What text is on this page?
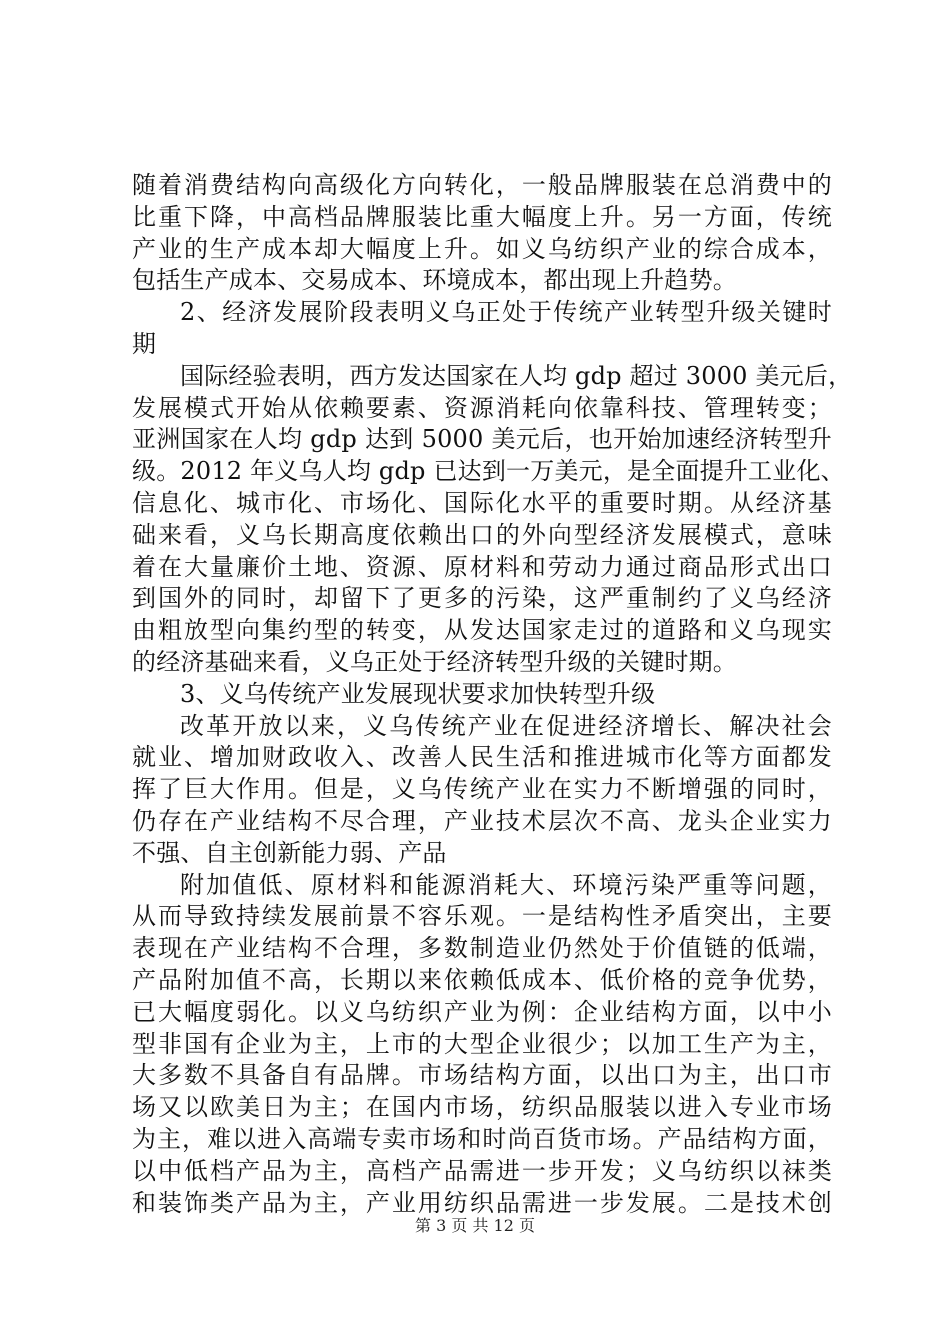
随着消费结构向高级化方向转化，一般品牌服装在总消费中的
比重下降，中高档品牌服装比重大幅度上升。另一方面，传统
产业的生产成本却大幅度上升。如义乌纺织产业的综合成本，
包括生产成本、交易成本、环境成本，都出现上升趋势。
2、经济发展阶段表明义乌正处于传统产业转型升级关键时
期
国际经验表明，西方发达国家在人均 gdp 超过 3000 美元后，
发展模式开始从依赖要素、资源消耗向依靠科技、管理转变；
亚洲国家在人均 gdp 达到 5000 美元后，也开始加速经济转型升
级。2012 年义乌人均 gdp 已达到一万美元，是全面提升工业化、
信息化、城市化、市场化、国际化水平的重要时期。从经济基
础来看，义乌长期高度依赖出口的外向型经济发展模式，意味
着在大量廉价土地、资源、原材料和劳动力通过商品形式出口
到国外的同时，却留下了更多的污染，这严重制约了义乌经济
由粗放型向集约型的转变，从发达国家走过的道路和义乌现实
的经济基础来看，义乌正处于经济转型升级的关键时期。
3、义乌传统产业发展现状要求加快转型升级
改革开放以来，义乌传统产业在促进经济增长、解决社会
就业、增加财政收入、改善人民生活和推进城市化等方面都发
挥了巨大作用。但是，义乌传统产业在实力不断增强的同时，
仍存在产业结构不尽合理，产业技术层次不高、龙头企业实力
不强、自主创新能力弱、产品
附加值低、原材料和能源消耗大、环境污染严重等问题，
从而导致持续发展前景不容乐观。一是结构性矛盾突出，主要
表现在产业结构不合理，多数制造业仍然处于价值链的低端，
产品附加值不高，长期以来依赖低成本、低价格的竞争优势，
已大幅度弱化。以义乌纺织产业为例：企业结构方面，以中小
型非国有企业为主，上市的大型企业很少；以加工生产为主，
大多数不具备自有品牌。市场结构方面，以出口为主，出口市
场又以欧美日为主；在国内市场，纺织品服装以进入专业市场
为主，难以进入高端专卖市场和时尚百货市场。产品结构方面，
以中低档产品为主，高档产品需进一步开发；义乌纺织以袜类
和装饰类产品为主，产业用纺织品需进一步发展。二是技术创
第 3 页 共 12 页
